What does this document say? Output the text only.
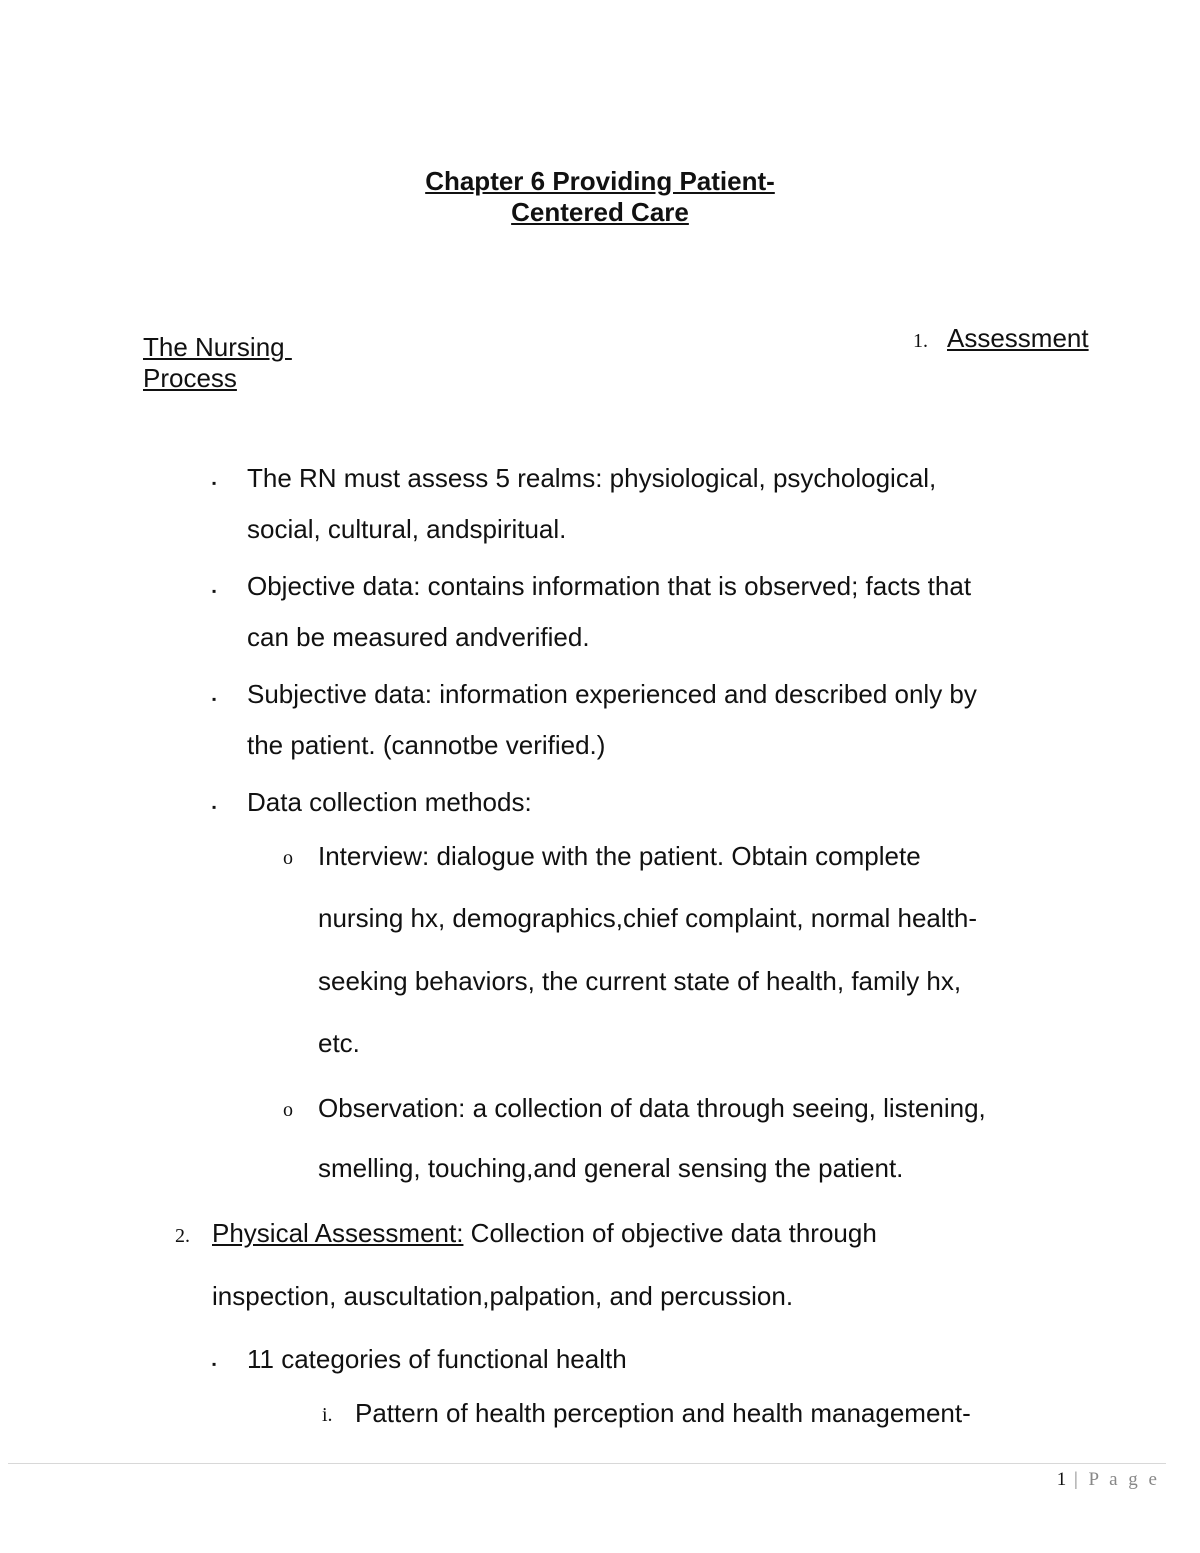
Chapter 6 Providing Patient-
Centered Care
The Nursing
Process
1. Assessment
▪ The RN must assess 5 realms: physiological, psychological,
social, cultural, andspiritual.
▪ Objective data: contains information that is observed; facts that
can be measured andverified.
▪ Subjective data: information experienced and described only by
the patient. (cannotbe verified.)
▪ Data collection methods:
o Interview: dialogue with the patient. Obtain complete
nursing hx, demographics,chief complaint, normal health-
seeking behaviors, the current state of health, family hx,
etc.
o Observation: a collection of data through seeing, listening,
smelling, touching,and general sensing the patient.
2. Physical Assessment: Collection of objective data through
inspection, auscultation,palpation, and percussion.
▪ 11 categories of functional health
i. Pattern of health perception and health management-
1 | P a g e
